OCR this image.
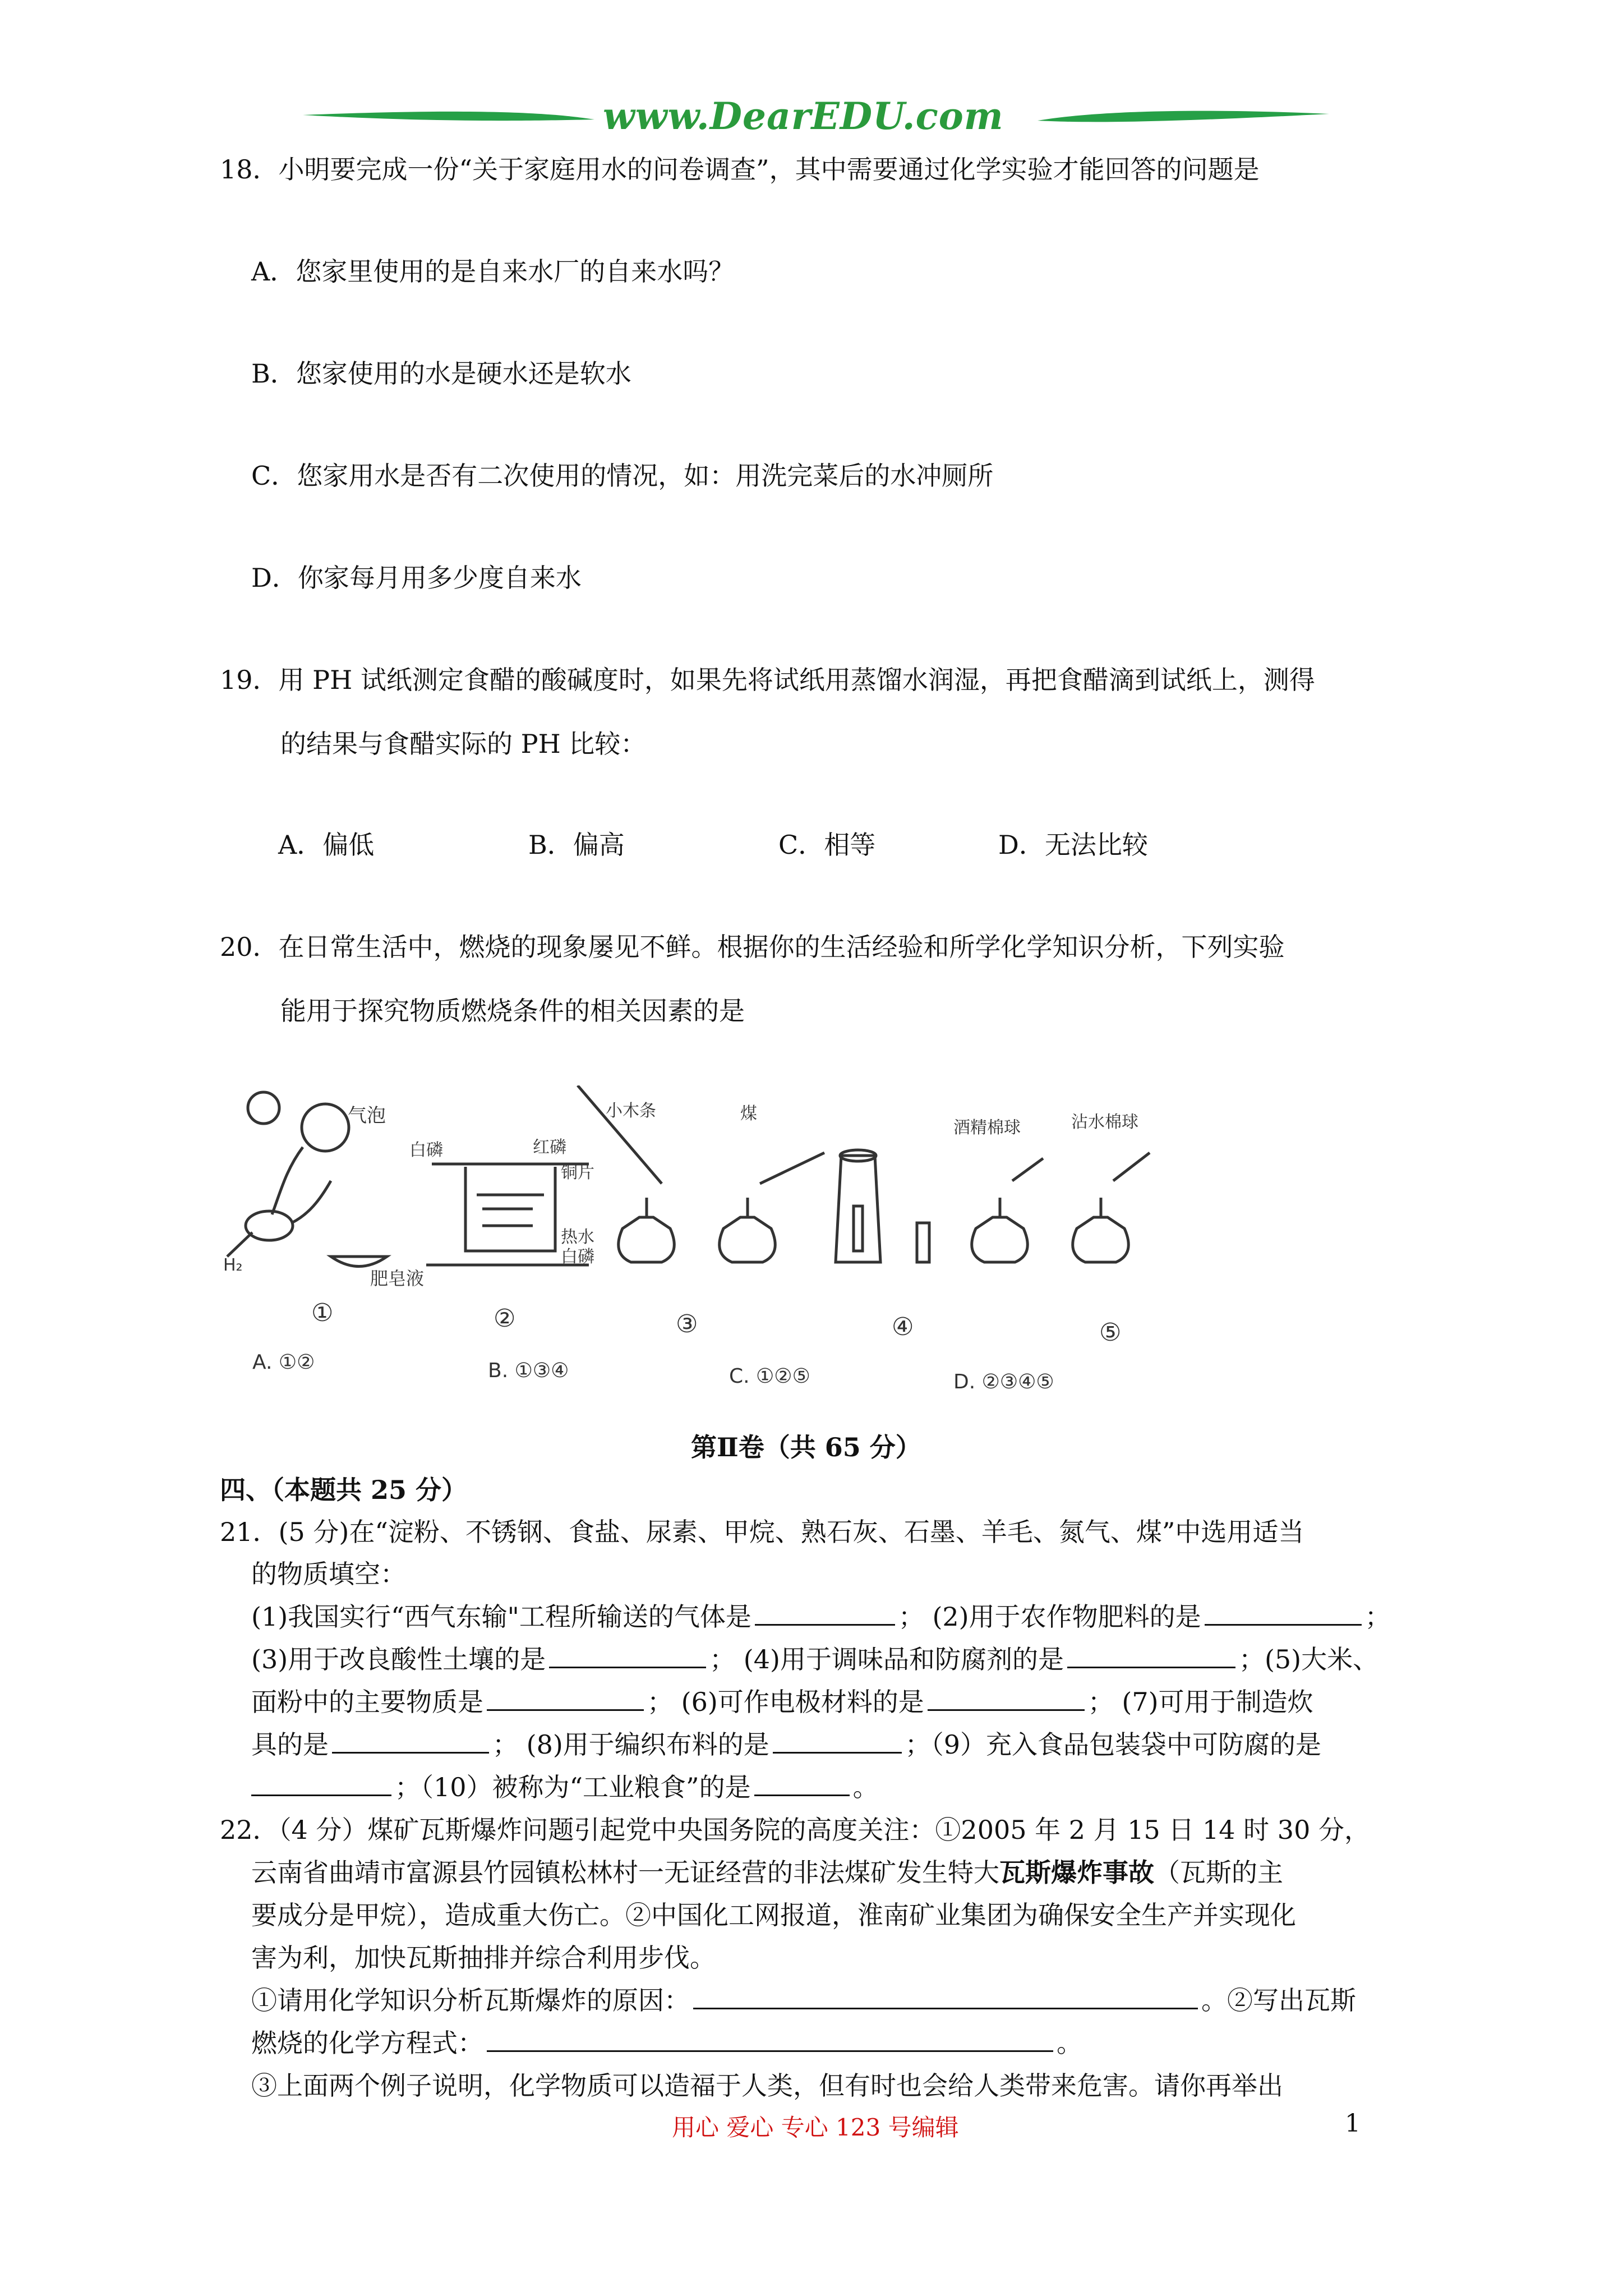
www.DearEDU.com
18．小明要完成一份“关于家庭用水的问卷调查”，其中需要通过化学实验才能回答的问题是
A．您家里使用的是自来水厂的自来水吗？
B．您家使用的水是硬水还是软水
C．您家用水是否有二次使用的情况，如：用洗完菜后的水冲厕所
D．你家每月用多少度自来水
19．用 PH 试纸测定食醋的酸碱度时，如果先将试纸用蒸馏水润湿，再把食醋滴到试纸上，测得
的结果与食醋实际的 PH 比较：
A．偏低	B．偏高	C．相等	D．无法比较
20．在日常生活中，燃烧的现象屡见不鲜。根据你的生活经验和所学化学知识分析，下列实验
能用于探究物质燃烧条件的相关因素的是
气泡
H₂
肥皂液
白磷	红磷
铜片
热水
白磷
小木条	煤
酒精棉球	沾水棉球
①	②	③	④	⑤
A. ①②	B. ①③④	C. ①②⑤	D. ②③④⑤
第Ⅱ卷（共 65 分）
四、（本题共 25 分）
21．(5 分)在“淀粉、不锈钢、食盐、尿素、甲烷、熟石灰、石墨、羊毛、氮气、煤”中选用适当
的物质填空：
(1)我国实行“西气东输"工程所输送的气体是	； (2)用于农作物肥料的是	；
(3)用于改良酸性土壤的是	； (4)用于调味品和防腐剂的是	；(5)大米、
面粉中的主要物质是	； (6)可作电极材料的是	； (7)可用于制造炊
具的是	； (8)用于编织布料的是	；（9）充入食品包装袋中可防腐的是
；（10）被称为“工业粮食”的是	。
22．（4 分）煤矿瓦斯爆炸问题引起党中央国务院的高度关注：①2005 年 2 月 15 日 14 时 30 分，
云南省曲靖市富源县竹园镇松林村一无证经营的非法煤矿发生特大瓦斯爆炸事故（瓦斯的主
要成分是甲烷），造成重大伤亡。②中国化工网报道，淮南矿业集团为确保安全生产并实现化
害为利，加快瓦斯抽排并综合利用步伐。
①请用化学知识分析瓦斯爆炸的原因：	。②写出瓦斯
燃烧的化学方程式：	。
③上面两个例子说明，化学物质可以造福于人类，但有时也会给人类带来危害。请你再举出
用心 爱心 专心 123 号编辑	1
